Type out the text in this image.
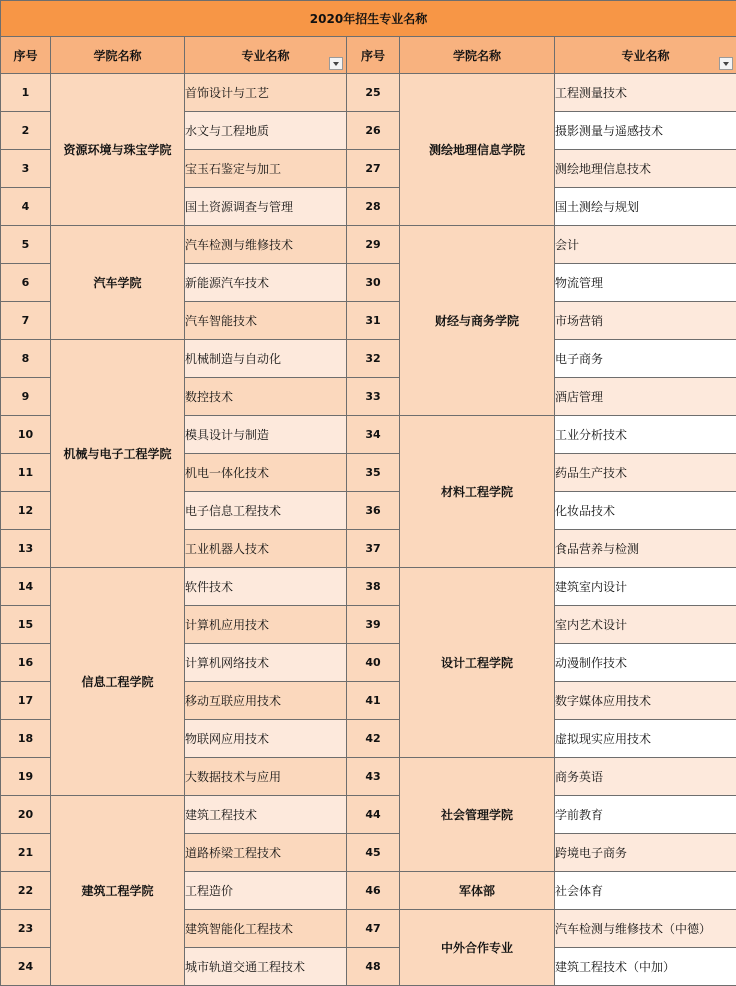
2020年招生专业名称					
序号	学院名称	专业名称	序号	学院名称	专业名称

1	资源环境与珠宝学院	首饰设计与工艺	25	测绘地理信息学院	工程测量技术
2		水文与工程地质	26		摄影测量与遥感技术
3		宝玉石鉴定与加工	27		测绘地理信息技术
4		国土资源调查与管理	28		国土测绘与规划
5	汽车学院	汽车检测与维修技术	29	财经与商务学院	会计
6		新能源汽车技术	30		物流管理
7		汽车智能技术	31		市场营销
8	机械与电子工程学院	机械制造与自动化	32		电子商务
9		数控技术	33		酒店管理
10		模具设计与制造	34	材料工程学院	工业分析技术
11		机电一体化技术	35		药品生产技术
12		电子信息工程技术	36		化妆品技术
13		工业机器人技术	37		食品营养与检测
14	信息工程学院	软件技术	38	设计工程学院	建筑室内设计
15		计算机应用技术	39		室内艺术设计
16		计算机网络技术	40		动漫制作技术
17		移动互联应用技术	41		数字媒体应用技术
18		物联网应用技术	42		虚拟现实应用技术
19		大数据技术与应用	43	社会管理学院	商务英语
20	建筑工程学院	建筑工程技术	44		学前教育
21		道路桥梁工程技术	45		跨境电子商务
22		工程造价	46	军体部	社会体育
23		建筑智能化工程技术	47	中外合作专业	汽车检测与维修技术（中德）
24		城市轨道交通工程技术	48		建筑工程技术（中加）
